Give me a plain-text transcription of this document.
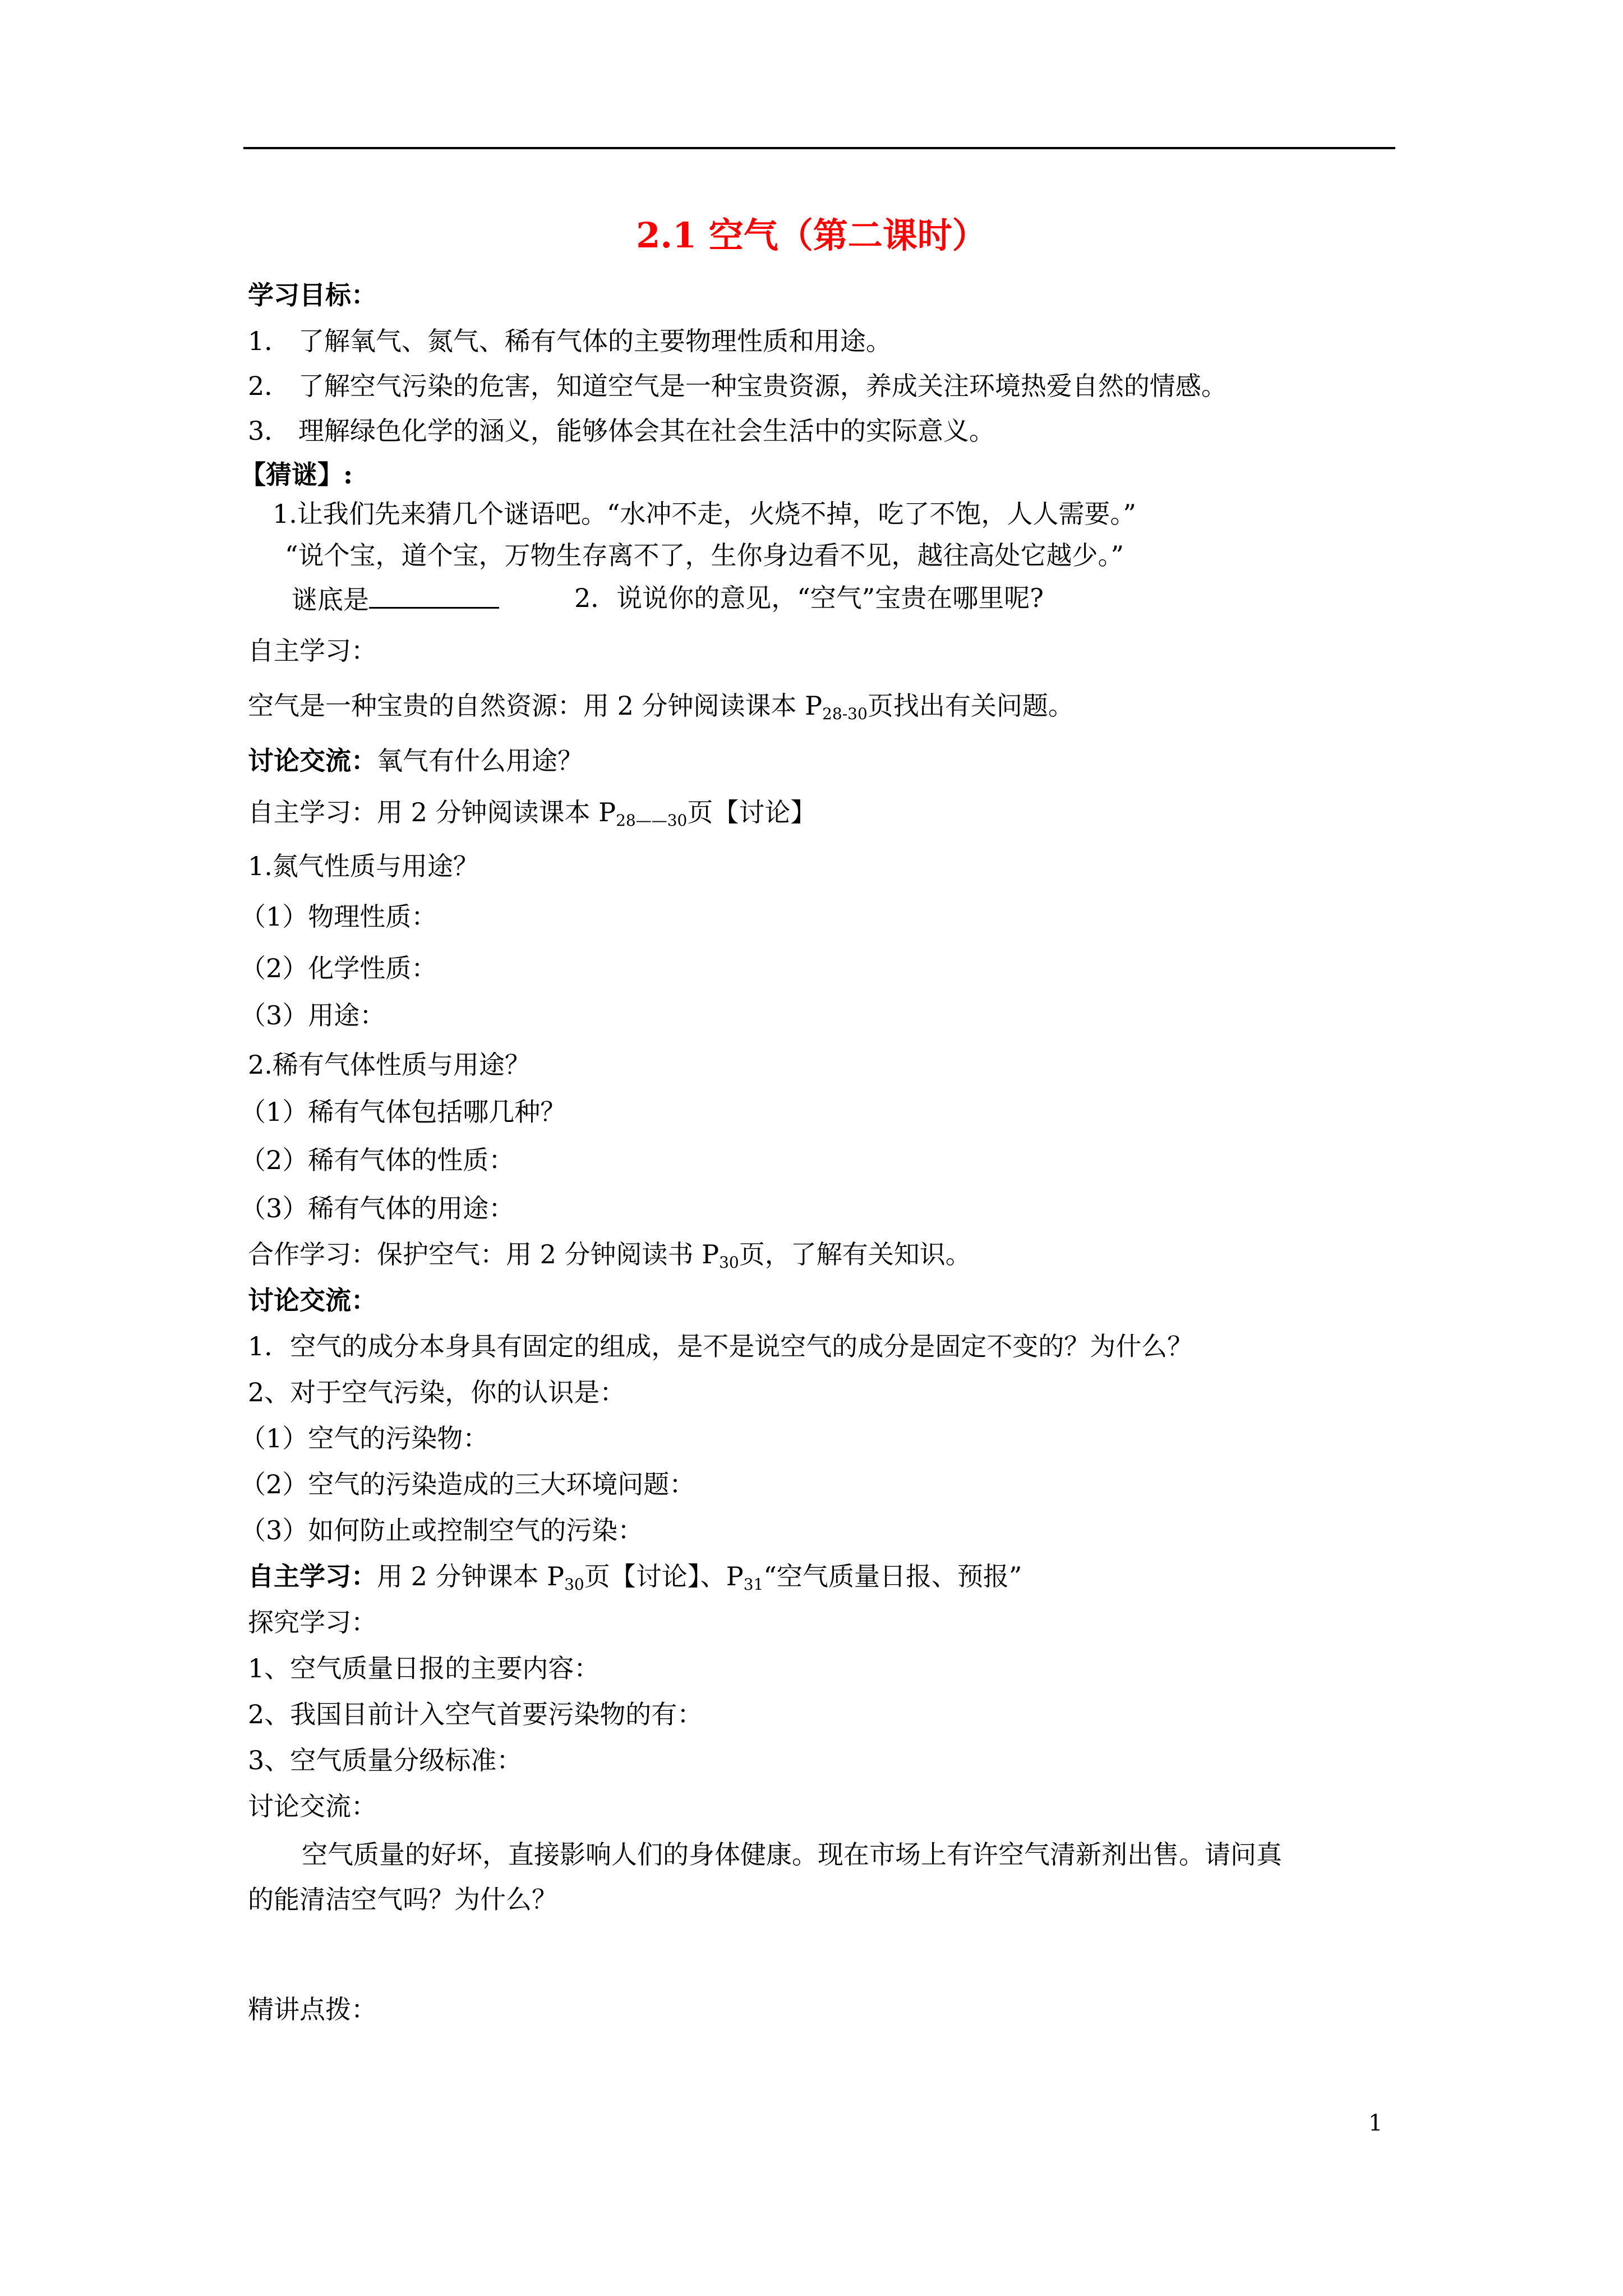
2.1 空气（第二课时）
学习目标：
1． 了解氧气、氮气、稀有气体的主要物理性质和用途。
2． 了解空气污染的危害，知道空气是一种宝贵资源，养成关注环境热爱自然的情感。
3． 理解绿色化学的涵义，能够体会其在社会生活中的实际意义。
【猜谜】:
1.让我们先来猜几个谜语吧。“水冲不走，火烧不掉，吃了不饱，人人需要。”
“说个宝，道个宝，万物生存离不了，生你身边看不见，越往高处它越少。”
谜底是	2．说说你的意见，“空气”宝贵在哪里呢?
自主学习：
空气是一种宝贵的自然资源：用 2 分钟阅读课本 $P_{28-30}$页找出有关问题。
讨论交流：氧气有什么用途？
自主学习：用 2 分钟阅读课本 $P_{28——30}$页【讨论】
1.氮气性质与用途？
（1）物理性质：
（2）化学性质：
（3）用途：
2.稀有气体性质与用途？
（1）稀有气体包括哪几种？
（2）稀有气体的性质：
（3）稀有气体的用途：
合作学习：保护空气：用 2 分钟阅读书 $P_{30}$页，了解有关知识。
讨论交流：
1．空气的成分本身具有固定的组成，是不是说空气的成分是固定不变的？为什么？
2、对于空气污染，你的认识是：
（1）空气的污染物：
（2）空气的污染造成的三大环境问题：
（3）如何防止或控制空气的污染：
自主学习：用 2 分钟课本 $P_{30}$页【讨论】、$P_{31}“$空气质量日报、预报”
探究学习：
1、空气质量日报的主要内容：
2、我国目前计入空气首要污染物的有：
3、空气质量分级标准：
讨论交流：
空气质量的好坏，直接影响人们的身体健康。现在市场上有许空气清新剂出售。请问真
的能清洁空气吗？为什么？
精讲点拨：
1
